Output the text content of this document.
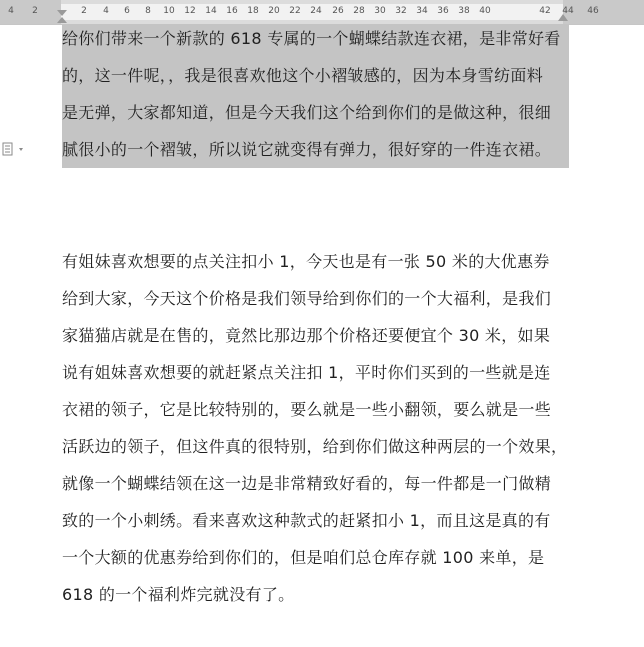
4 2	2 4 6 8 10 12 14 16 18 20 22 24 26 28 30 32 34 36 38 40	42 44 46
给你们带来一个新款的 618 专属的一个蝴蝶结款连衣裙，是非常好看
的，这一件呢，，我是很喜欢他这个小褶皱感的，因为本身雪纺面料
是无弹，大家都知道，但是今天我们这个给到你们的是做这种，很细
腻很小的一个褶皱，所以说它就变得有弹力，很好穿的一件连衣裙。
有姐妹喜欢想要的点关注扣小 1，今天也是有一张 50 米的大优惠券
给到大家，今天这个价格是我们领导给到你们的一个大福利，是我们
家猫猫店就是在售的，竟然比那边那个价格还要便宜个 30 米，如果
说有姐妹喜欢想要的就赶紧点关注扣 1，平时你们买到的一些就是连
衣裙的领子，它是比较特别的，要么就是一些小翻领，要么就是一些
活跃边的领子，但这件真的很特别，给到你们做这种两层的一个效果，
就像一个蝴蝶结领在这一边是非常精致好看的，每一件都是一门做精
致的一个小刺绣。看来喜欢这种款式的赶紧扣小 1，而且这是真的有
一个大额的优惠券给到你们的，但是咱们总仓库存就 100 来单，是
618 的一个福利炸完就没有了。
